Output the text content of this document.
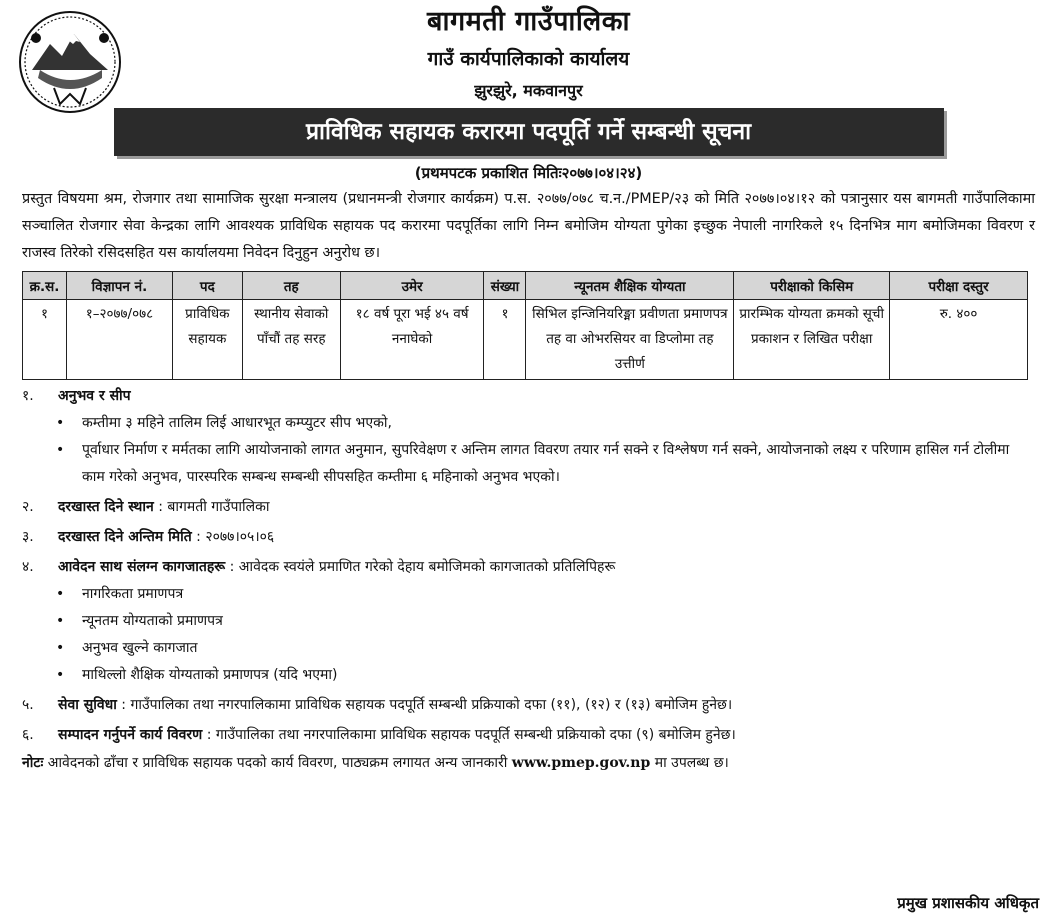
बागमती गाउँपालिका
गाउँ कार्यपालिकाको कार्यालय
झुरझुरे, मकवानपुर
प्राविधिक सहायक करारमा पदपूर्ति गर्ने सम्बन्धी सूचना
(प्रथमपटक प्रकाशित मितिः२०७७।०४।२४)
प्रस्तुत विषयमा श्रम, रोजगार तथा सामाजिक सुरक्षा मन्त्रालय (प्रधानमन्त्री रोजगार कार्यक्रम) प.स. २०७७/०७८ च.न./PMEP/२३ को मिति २०७७।०४।१२ को पत्रानुसार यस बागमती गाउँपालिकामा सञ्चालित रोजगार सेवा केन्द्रका लागि आवश्यक प्राविधिक सहायक पद करारमा पदपूर्तिका लागि निम्न बमोजिम योग्यता पुगेका इच्छुक नेपाली नागरिकले १५ दिनभित्र माग बमोजिमका विवरण र राजस्व तिरेको रसिदसहित यस कार्यालयमा निवेदन दिनुहुन अनुरोध छ।
क्र.स.	विज्ञापन नं.	पद	तह	उमेर	संख्या	न्यूनतम शैक्षिक योग्यता	परीक्षाको किसिम	परीक्षा दस्तुर
१	१–२०७७/०७८	प्राविधिक सहायक	स्थानीय सेवाको पाँचौं तह सरह	१८ वर्ष पूरा भई ४५ वर्ष ननाघेको	१	सिभिल इन्जिनियरिङ्मा प्रवीणता प्रमाणपत्र तह वा ओभरसियर वा डिप्लोमा तह उत्तीर्ण	प्रारम्भिक योग्यता क्रमको सूची प्रकाशन र लिखित परीक्षा	रु. ४००
१.	अनुभव र सीप
•	कम्तीमा ३ महिने तालिम लिई आधारभूत कम्प्युटर सीप भएको,
•	पूर्वाधार निर्माण र मर्मतका लागि आयोजनाको लागत अनुमान, सुपरिवेक्षण र अन्तिम लागत विवरण तयार गर्न सक्ने र विश्लेषण गर्न सक्ने, आयोजनाको लक्ष्य र परिणाम हासिल गर्न टोलीमा काम गरेको अनुभव, पारस्परिक सम्बन्ध सम्बन्धी सीपसहित कम्तीमा ६ महिनाको अनुभव भएको।
२.	दरखास्त दिने स्थान : बागमती गाउँपालिका
३.	दरखास्त दिने अन्तिम मिति : २०७७।०५।०६
४.	आवेदन साथ संलग्न कागजातहरू : आवेदक स्वयंले प्रमाणित गरेको देहाय बमोजिमको कागजातको प्रतिलिपिहरू
•	नागरिकता प्रमाणपत्र
•	न्यूनतम योग्यताको प्रमाणपत्र
•	अनुभव खुल्ने कागजात
•	माथिल्लो शैक्षिक योग्यताको प्रमाणपत्र (यदि भएमा)
५.	सेवा सुविधा : गाउँपालिका तथा नगरपालिकामा प्राविधिक सहायक पदपूर्ति सम्बन्धी प्रक्रियाको दफा (११), (१२) र (१३) बमोजिम हुनेछ।
६.	सम्पादन गर्नुपर्ने कार्य विवरण : गाउँपालिका तथा नगरपालिकामा प्राविधिक सहायक पदपूर्ति सम्बन्धी प्रक्रियाको दफा (९) बमोजिम हुनेछ।
नोटः आवेदनको ढाँचा र प्राविधिक सहायक पदको कार्य विवरण, पाठ्यक्रम लगायत अन्य जानकारी www.pmep.gov.np मा उपलब्ध छ।
प्रमुख प्रशासकीय अधिकृत
